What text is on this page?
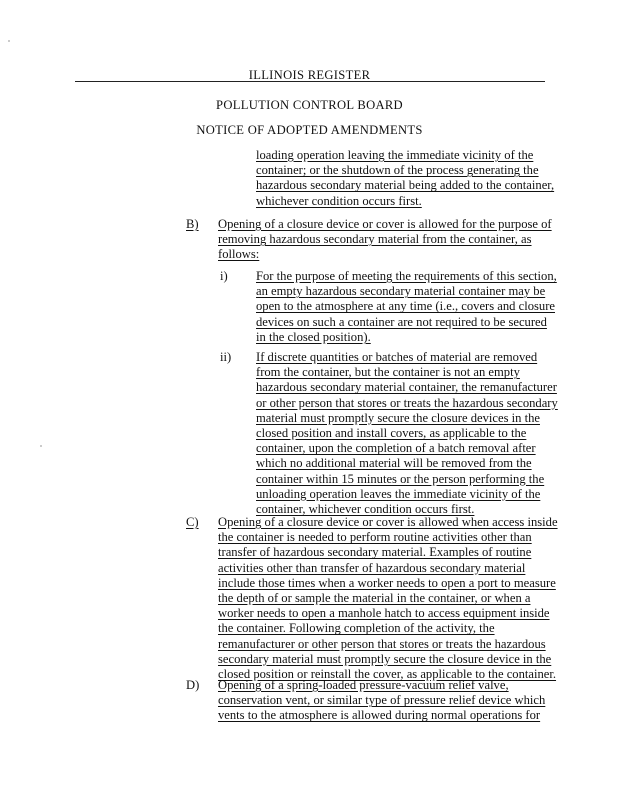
ILLINOIS REGISTER
POLLUTION CONTROL BOARD
NOTICE OF ADOPTED AMENDMENTS
loading operation leaving the immediate vicinity of the
container; or the shutdown of the process generating the
hazardous secondary material being added to the container,
whichever condition occurs first.
B) Opening of a closure device or cover is allowed for the purpose of
removing hazardous secondary material from the container, as
follows:
i) For the purpose of meeting the requirements of this section,
an empty hazardous secondary material container may be
open to the atmosphere at any time (i.e., covers and closure
devices on such a container are not required to be secured
in the closed position).
ii) If discrete quantities or batches of material are removed
from the container, but the container is not an empty
hazardous secondary material container, the remanufacturer
or other person that stores or treats the hazardous secondary
material must promptly secure the closure devices in the
closed position and install covers, as applicable to the
container, upon the completion of a batch removal after
which no additional material will be removed from the
container within 15 minutes or the person performing the
unloading operation leaves the immediate vicinity of the
container, whichever condition occurs first.
C) Opening of a closure device or cover is allowed when access inside
the container is needed to perform routine activities other than
transfer of hazardous secondary material. Examples of routine
activities other than transfer of hazardous secondary material
include those times when a worker needs to open a port to measure
the depth of or sample the material in the container, or when a
worker needs to open a manhole hatch to access equipment inside
the container. Following completion of the activity, the
remanufacturer or other person that stores or treats the hazardous
secondary material must promptly secure the closure device in the
closed position or reinstall the cover, as applicable to the container.
D) Opening of a spring-loaded pressure-vacuum relief valve,
conservation vent, or similar type of pressure relief device which
vents to the atmosphere is allowed during normal operations for
